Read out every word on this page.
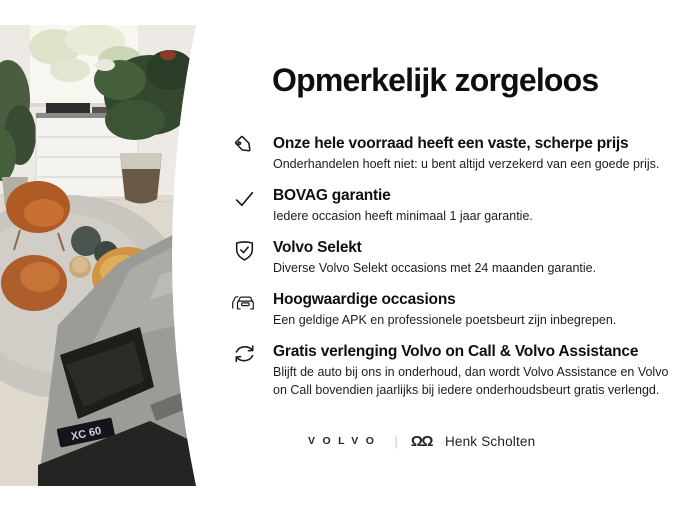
XC 60
Opmerkelijk zorgeloos
Onze hele voorraad heeft een vaste, scherpe prijs
Onderhandelen hoeft niet: u bent altijd verzekerd van een goede prijs.
BOVAG garantie
Iedere occasion heeft minimaal 1 jaar garantie.
Volvo Selekt
Diverse Volvo Selekt occasions met 24 maanden garantie.
Hoogwaardige occasions
Een geldige APK en professionele poetsbeurt zijn inbegrepen.
Gratis verlenging Volvo on Call & Volvo Assistance
Blijft de auto bij ons in onderhoud, dan wordt Volvo Assistance en Volvo on Call bovendien jaarlijks bij iedere onderhoudsbeurt gratis verlengd.
VOLVO | ΩΩ Henk Scholten
